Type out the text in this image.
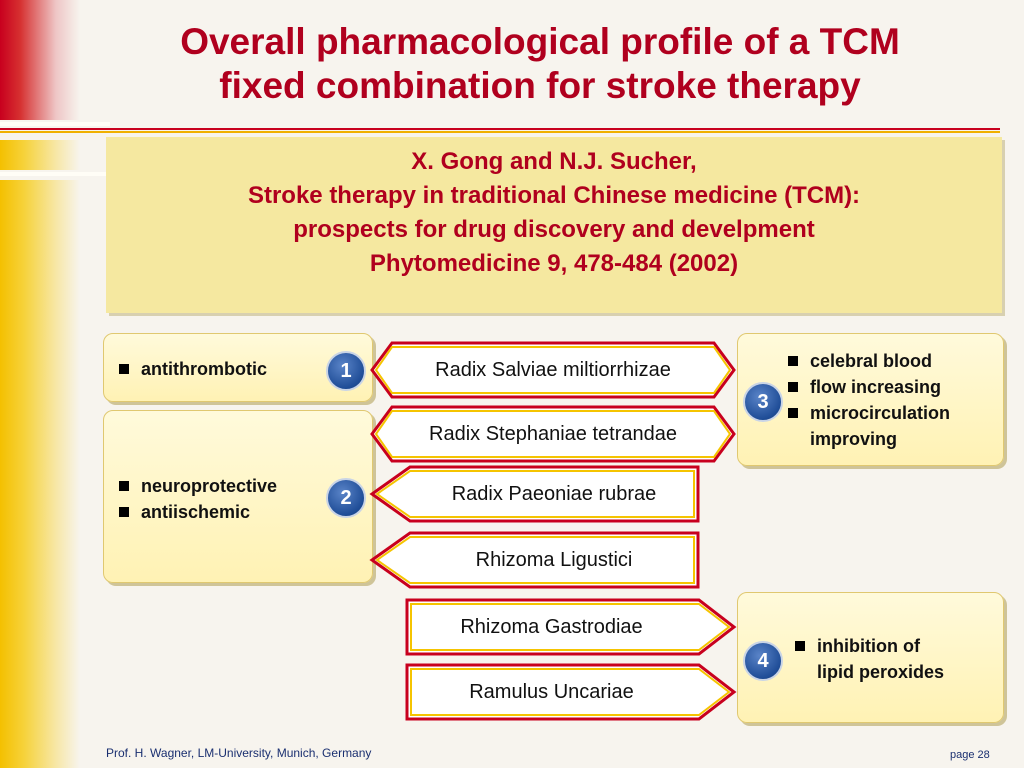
Overall pharmacological profile of a TCM
fixed combination for stroke therapy
X. Gong and N.J. Sucher,
Stroke therapy in traditional Chinese medicine (TCM):
prospects for drug discovery and develpment
Phytomedicine 9, 478-484 (2002)
antithrombotic	1
neuroprotective
antiischemic
2
celebral blood
flow increasing
microcirculation
improving
3
inhibition of
lipid peroxides
4
Radix Salviae miltiorrhizae
Radix Stephaniae tetrandae
Radix Paeoniae rubrae
Rhizoma Ligustici
Rhizoma Gastrodiae
Ramulus Uncariae
Prof. H. Wagner, LM-University, Munich, Germany	page 28
